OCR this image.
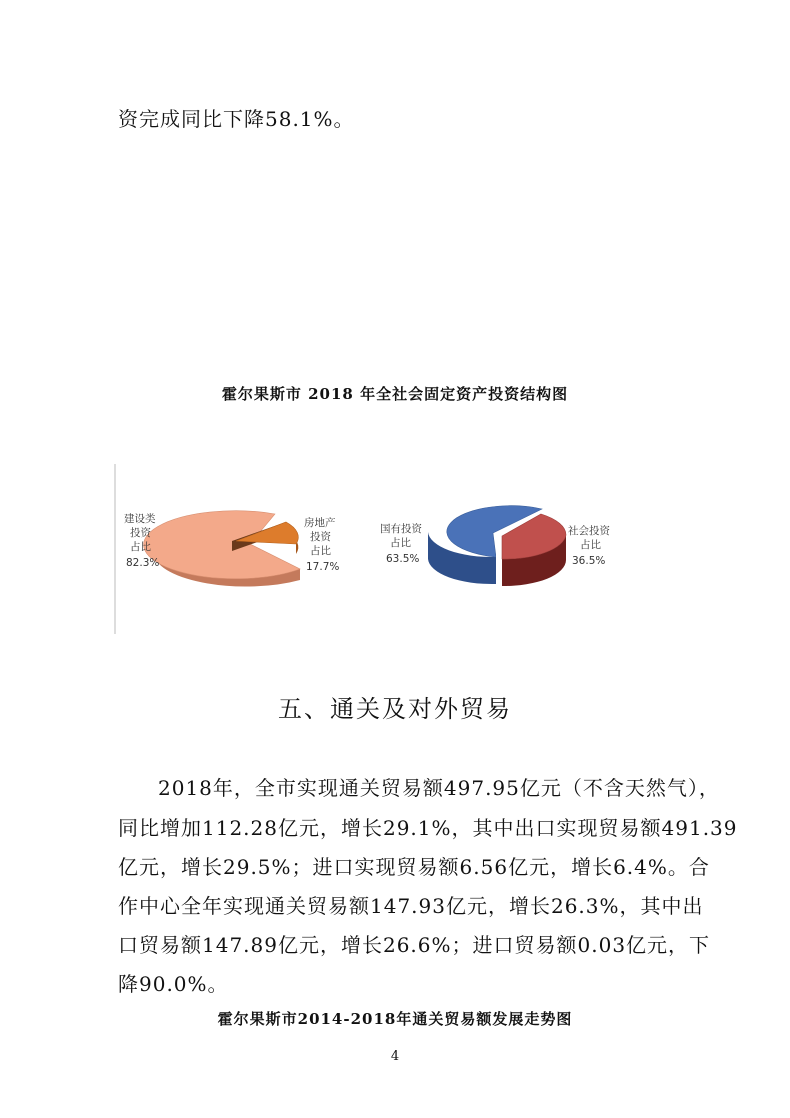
资完成同比下降58.1%。
霍尔果斯市 2018 年全社会固定资产投资结构图
建设类
投资
占比
82.3%
房地产
投资
占比
17.7%
国有投资
占比
63.5%
社会投资
占比
36.5%
五、通关及对外贸易
2018年，全市实现通关贸易额497.95亿元（不含天然气），
同比增加112.28亿元，增长29.1%，其中出口实现贸易额491.39
亿元，增长29.5%；进口实现贸易额6.56亿元，增长6.4%。合
作中心全年实现通关贸易额147.93亿元，增长26.3%，其中出
口贸易额147.89亿元，增长26.6%；进口贸易额0.03亿元，下
降90.0%。
霍尔果斯市2014-2018年通关贸易额发展走势图
4
